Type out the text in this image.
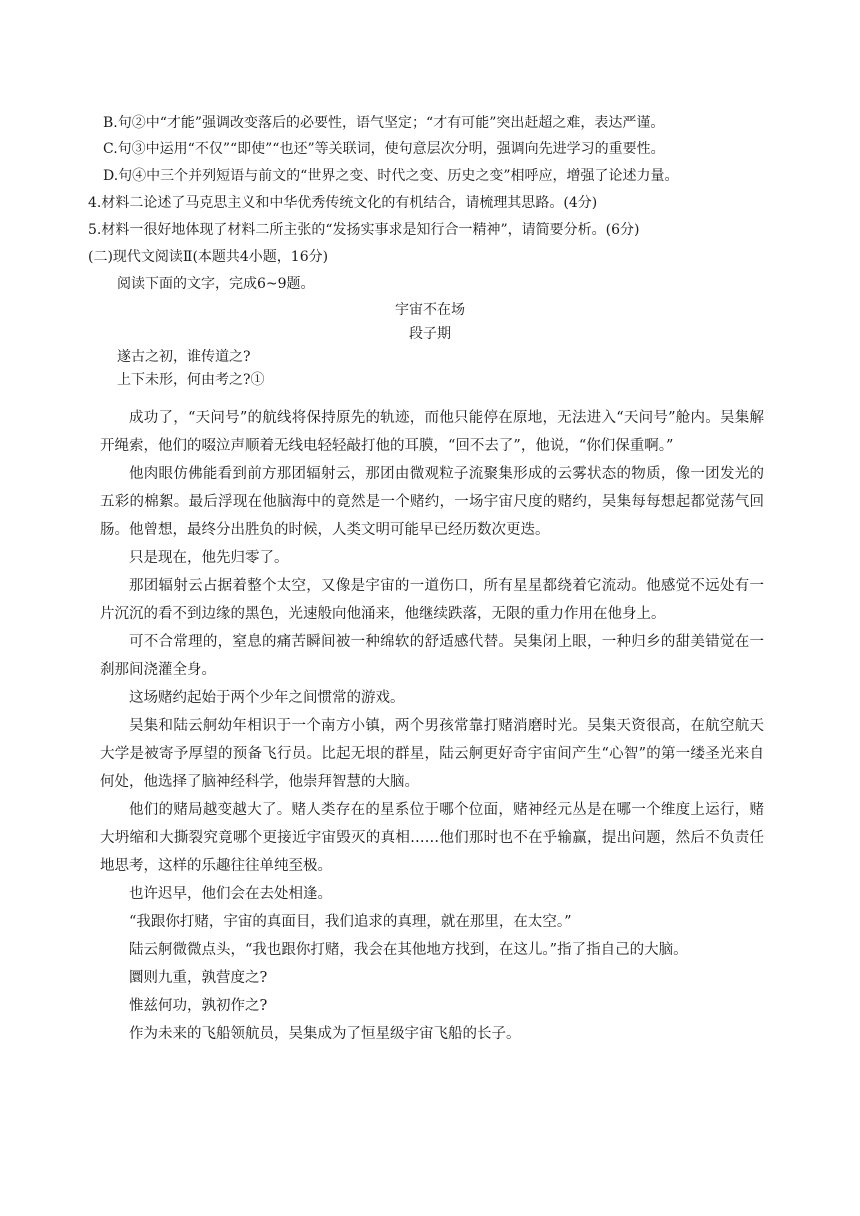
B.句②中“才能”强调改变落后的必要性，语气坚定；“才有可能”突出赶超之难，表达严谨。
C.句③中运用“不仅”“即使”“也还”等关联词，使句意层次分明，强调向先进学习的重要性。
D.句④中三个并列短语与前文的“世界之变、时代之变、历史之变”相呼应，增强了论述力量。
4.材料二论述了马克思主义和中华优秀传统文化的有机结合，请梳理其思路。(4分)
5.材料一很好地体现了材料二所主张的“发扬实事求是知行合一精神”，请简要分析。(6分)
(二)现代文阅读Ⅱ(本题共4小题，16分)
阅读下面的文字，完成6~9题。
宇宙不在场
段子期
遂古之初，谁传道之?
上下未形，何由考之?①

成功了，“天问号”的航线将保持原先的轨迹，而他只能停在原地，无法进入“天问号”舱内。吴集解开绳索，他们的啜泣声顺着无线电轻轻敲打他的耳膜，“回不去了”，他说，“你们保重啊。”

他肉眼仿佛能看到前方那团辐射云，那团由微观粒子流聚集形成的云雾状态的物质，像一团发光的五彩的棉絮。最后浮现在他脑海中的竟然是一个赌约，一场宇宙尺度的赌约，吴集每每想起都觉荡气回肠。他曾想，最终分出胜负的时候，人类文明可能早已经历数次更迭。

只是现在，他先归零了。

那团辐射云占据着整个太空，又像是宇宙的一道伤口，所有星星都绕着它流动。他感觉不远处有一片沉沉的看不到边缘的黑色，光速般向他涌来，他继续跌落，无限的重力作用在他身上。

可不合常理的，窒息的痛苦瞬间被一种绵软的舒适感代替。吴集闭上眼，一种归乡的甜美错觉在一刹那间浇灌全身。

这场赌约起始于两个少年之间惯常的游戏。

吴集和陆云舸幼年相识于一个南方小镇，两个男孩常靠打赌消磨时光。吴集天资很高，在航空航天大学是被寄予厚望的预备飞行员。比起无垠的群星，陆云舸更好奇宇宙间产生“心智”的第一缕圣光来自何处，他选择了脑神经科学，他崇拜智慧的大脑。

他们的赌局越变越大了。赌人类存在的星系位于哪个位面，赌神经元丛是在哪一个维度上运行，赌大坍缩和大撕裂究竟哪个更接近宇宙毁灭的真相……他们那时也不在乎输赢，提出问题，然后不负责任地思考，这样的乐趣往往单纯至极。

也许迟早，他们会在去处相逢。

“我跟你打赌，宇宙的真面目，我们追求的真理，就在那里，在太空。”

陆云舸微微点头，“我也跟你打赌，我会在其他地方找到，在这儿。”指了指自己的大脑。

圜则九重，孰营度之?

惟兹何功，孰初作之?

作为未来的飞船领航员，吴集成为了恒星级宇宙飞船的长子。
